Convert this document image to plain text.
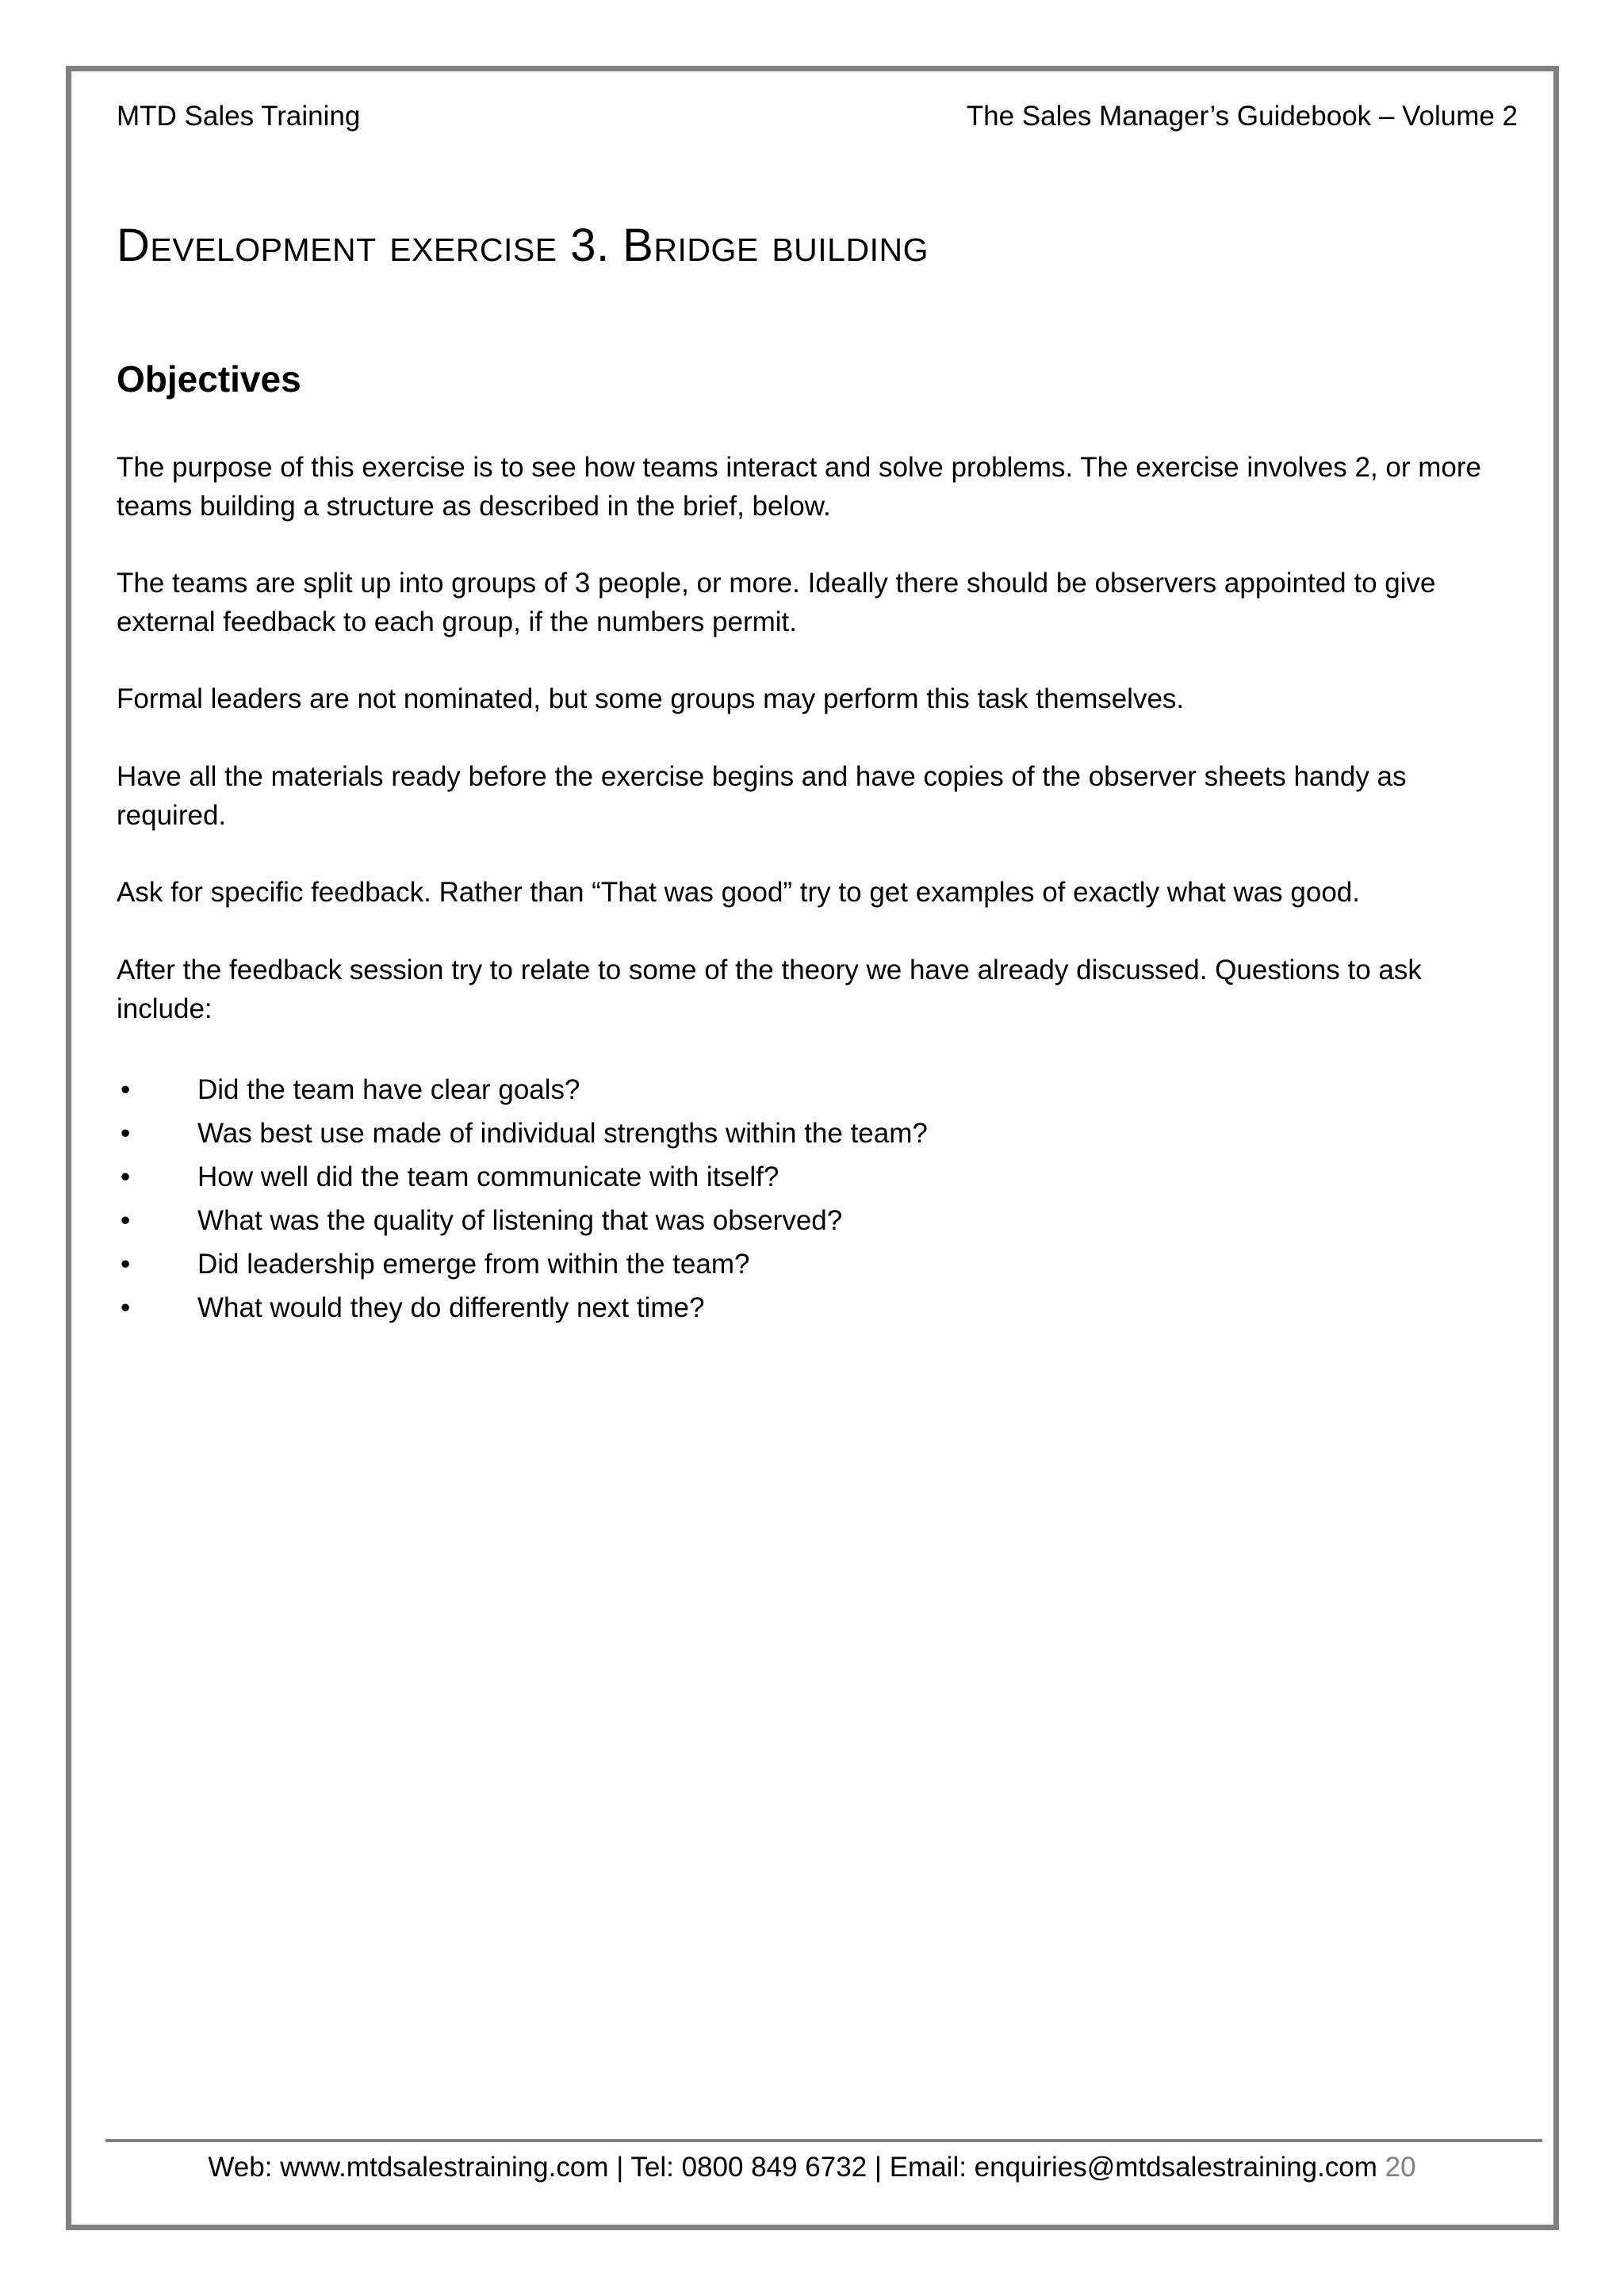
MTD Sales Training	The Sales Manager’s Guidebook – Volume 2
Development exercise 3. Bridge building
Objectives
The purpose of this exercise is to see how teams interact and solve problems. The exercise involves 2, or more teams building a structure as described in the brief, below.
The teams are split up into groups of 3 people, or more. Ideally there should be observers appointed to give external feedback to each group, if the numbers permit.
Formal leaders are not nominated, but some groups may perform this task themselves.
Have all the materials ready before the exercise begins and have copies of the observer sheets handy as required.
Ask for specific feedback. Rather than “That was good” try to get examples of exactly what was good.
After the feedback session try to relate to some of the theory we have already discussed. Questions to ask include:
• Did the team have clear goals?
• Was best use made of individual strengths within the team?
• How well did the team communicate with itself?
• What was the quality of listening that was observed?
• Did leadership emerge from within the team?
• What would they do differently next time?
Web: www.mtdsalestraining.com | Tel: 0800 849 6732 | Email: enquiries@mtdsalestraining.com 20
